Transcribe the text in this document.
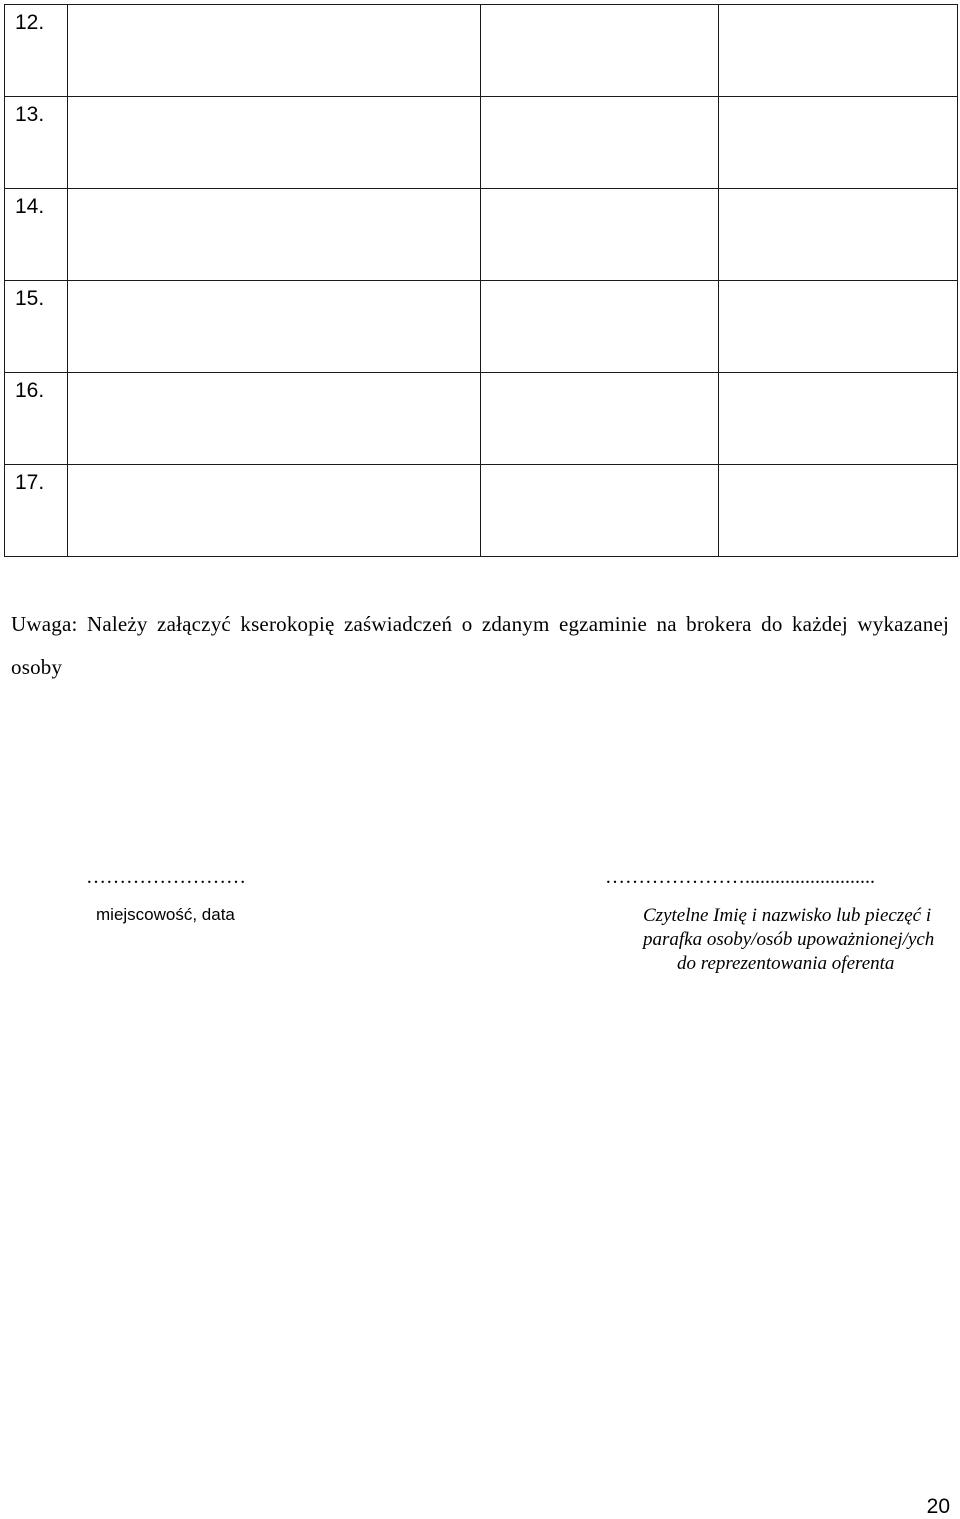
12.			
13.			
14.			
15.			
16.			
17.			
Uwaga: Należy załączyć kserokopię zaświadczeń o zdanym egzaminie na brokera do każdej wykazanej osoby
……………………	…………………..........................
miejscowość, data	Czytelne Imię i nazwisko lub pieczęć i
parafka osoby/osób upoważnionej/ych
do reprezentowania oferenta
20
